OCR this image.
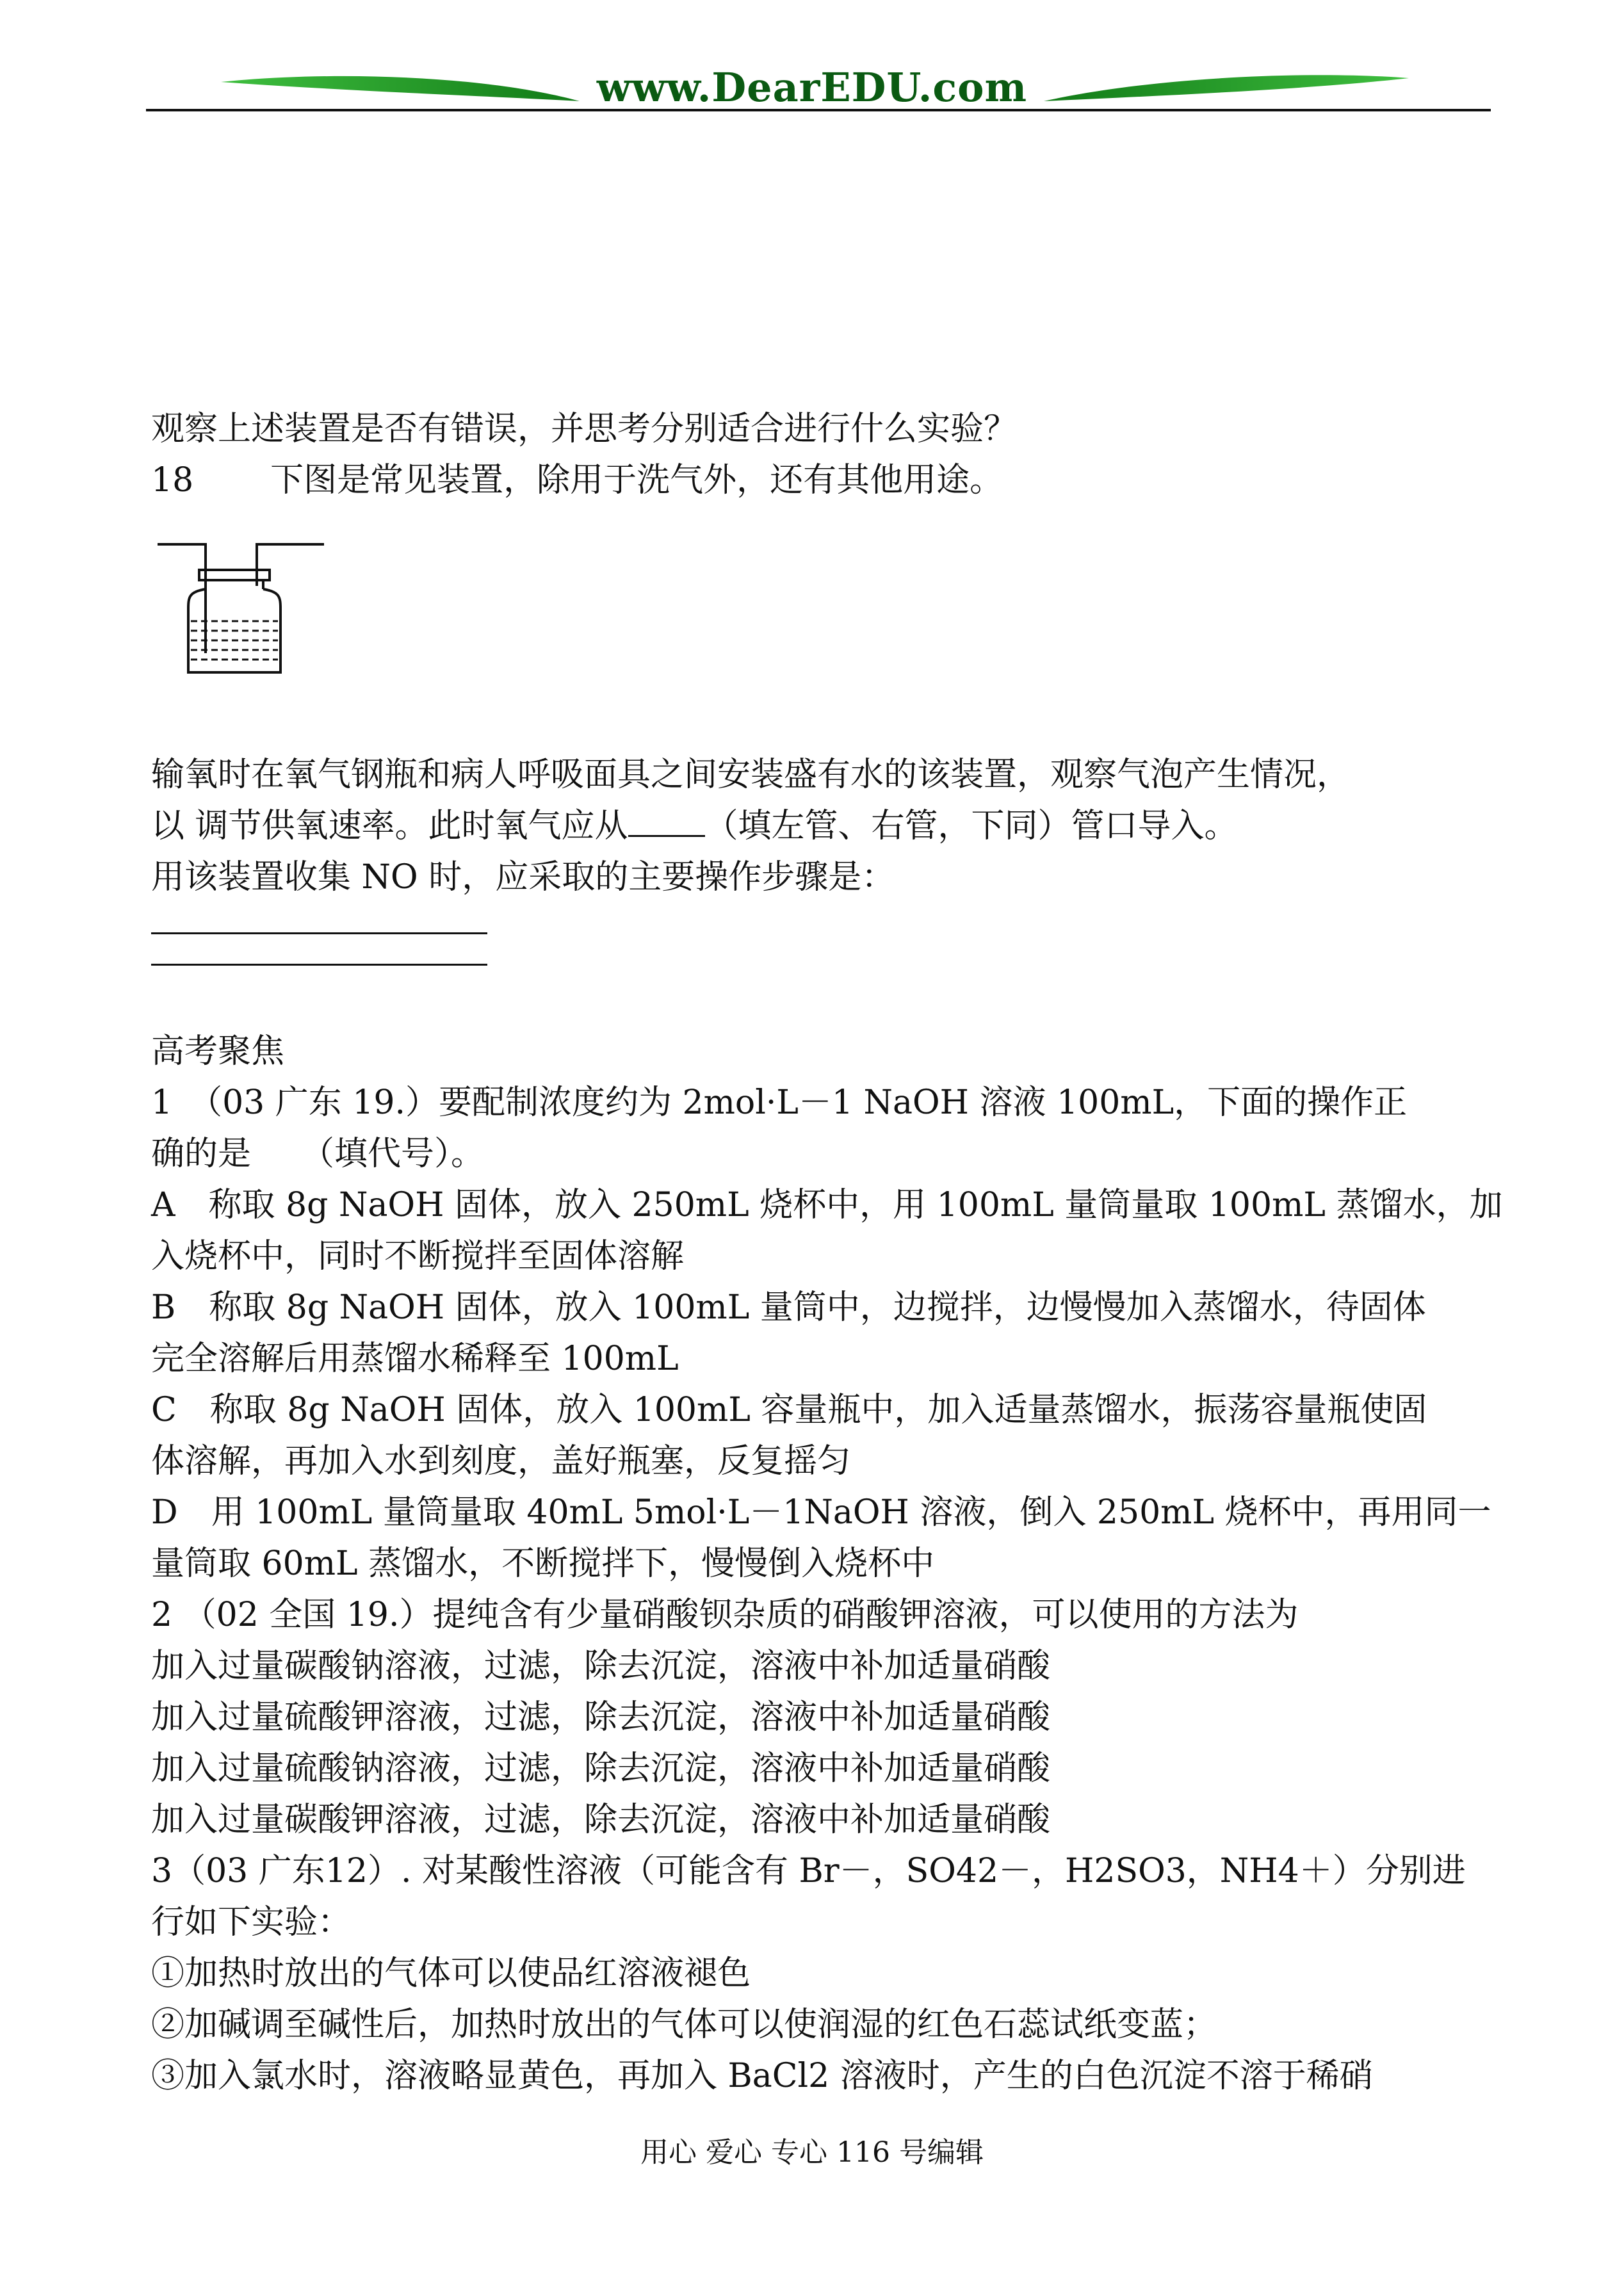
www.DearEDU.com
观察上述装置是否有错误，并思考分别适合进行什么实验？
18 下图是常见装置，除用于洗气外，还有其他用途。
输氧时在氧气钢瓶和病人呼吸面具之间安装盛有水的该装置，观察气泡产生情况，
以 调节供氧速率。此时氧气应从 （填左管、右管，下同）管口导入。
用该装置收集 NO 时，应采取的主要操作步骤是：
高考聚焦
1　（03 广东 19.）要配制浓度约为 2mol·L－1 NaOH 溶液 100mL，下面的操作正
确的是　　（填代号）。
A　称取 8g NaOH 固体，放入 250mL 烧杯中，用 100mL 量筒量取 100mL 蒸馏水，加
入烧杯中，同时不断搅拌至固体溶解
B　称取 8g NaOH 固体，放入 100mL 量筒中，边搅拌，边慢慢加入蒸馏水，待固体
完全溶解后用蒸馏水稀释至 100mL
C　称取 8g NaOH 固体，放入 100mL 容量瓶中，加入适量蒸馏水，振荡容量瓶使固
体溶解，再加入水到刻度，盖好瓶塞，反复摇匀
D　用 100mL 量筒量取 40mL 5mol·L－1NaOH 溶液，倒入 250mL 烧杯中，再用同一
量筒取 60mL 蒸馏水，不断搅拌下，慢慢倒入烧杯中
2 （02 全国 19.）提纯含有少量硝酸钡杂质的硝酸钾溶液，可以使用的方法为
加入过量碳酸钠溶液，过滤，除去沉淀，溶液中补加适量硝酸
加入过量硫酸钾溶液，过滤，除去沉淀，溶液中补加适量硝酸
加入过量硫酸钠溶液，过滤，除去沉淀，溶液中补加适量硝酸
加入过量碳酸钾溶液，过滤，除去沉淀，溶液中补加适量硝酸
3（03 广东12）. 对某酸性溶液（可能含有 Br－，SO42－，H2SO3，NH4＋）分别进
行如下实验：
①加热时放出的气体可以使品红溶液褪色
②加碱调至碱性后，加热时放出的气体可以使润湿的红色石蕊试纸变蓝；
③加入氯水时，溶液略显黄色，再加入 BaCl2 溶液时，产生的白色沉淀不溶于稀硝
用心 爱心 专心 116 号编辑
